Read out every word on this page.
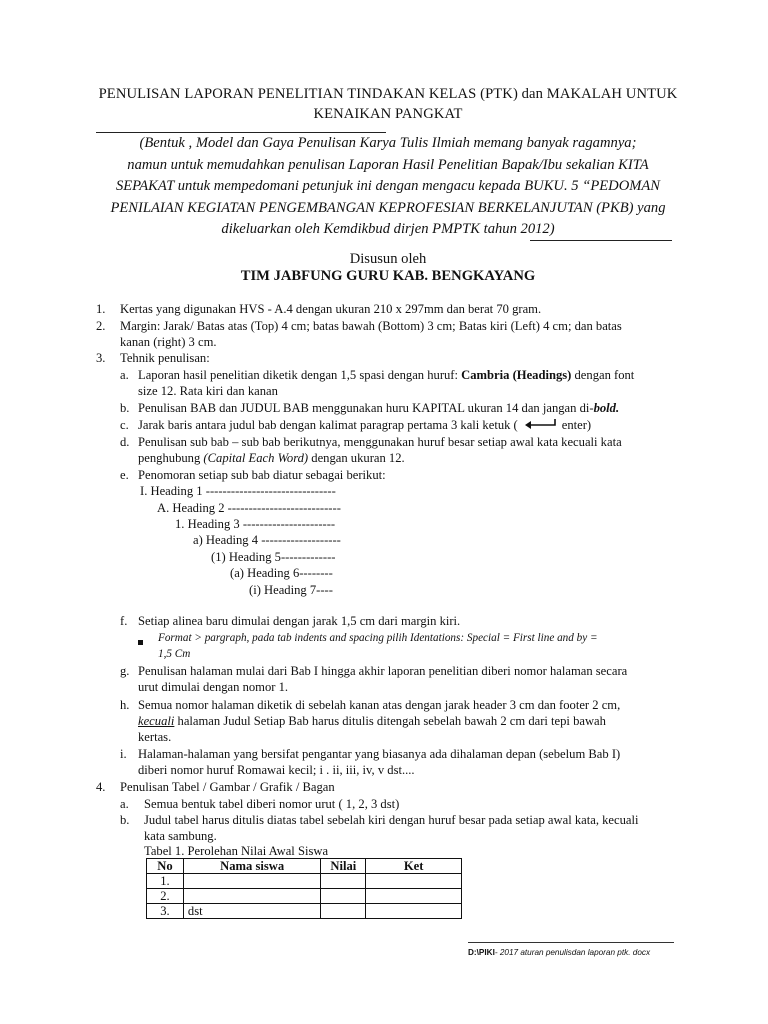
PENULISAN LAPORAN PENELITIAN TINDAKAN KELAS (PTK) dan MAKALAH UNTUK
KENAIKAN PANGKAT
(Bentuk , Model dan Gaya Penulisan Karya Tulis Ilmiah memang banyak ragamnya;
namun untuk memudahkan penulisan Laporan Hasil Penelitian Bapak/Ibu sekalian KITA
SEPAKAT untuk mempedomani petunjuk ini dengan mengacu kepada BUKU. 5 “PEDOMAN
PENILAIAN KEGIATAN PENGEMBANGAN KEPROFESIAN BERKELANJUTAN (PKB) yang
dikeluarkan oleh Kemdikbud dirjen PMPTK tahun 2012)
Disusun oleh
TIM JABFUNG GURU KAB. BENGKAYANG
1. Kertas yang digunakan HVS - A.4 dengan ukuran 210 x 297mm dan berat 70 gram.
2. Margin: Jarak/ Batas atas (Top) 4 cm; batas bawah (Bottom) 3 cm; Batas kiri (Left) 4 cm; dan batas
kanan (right) 3 cm.
3. Tehnik penulisan:
a. Laporan hasil penelitian diketik dengan 1,5 spasi dengan huruf: Cambria (Headings) dengan font
size 12. Rata kiri dan kanan
b. Penulisan BAB dan JUDUL BAB menggunakan huru KAPITAL ukuran 14 dan jangan di-bold.
c. Jarak baris antara judul bab dengan kalimat paragrap pertama 3 kali ketuk (	enter)
d. Penulisan sub bab – sub bab berikutnya, menggunakan huruf besar setiap awal kata kecuali kata
penghubung (Capital Each Word) dengan ukuran 12.
e. Penomoran setiap sub bab diatur sebagai berikut:
I. Heading 1 -------------------------------
A. Heading 2 ---------------------------
1. Heading 3 ----------------------
a) Heading 4 -------------------
(1) Heading 5-------------
(a) Heading 6--------
(i) Heading 7----
f. Setiap alinea baru dimulai dengan jarak 1,5 cm dari margin kiri.
Format > pargraph, pada tab indents and spacing pilih Identations: Special = First line and by =
1,5 Cm
g. Penulisan halaman mulai dari Bab I hingga akhir laporan penelitian diberi nomor halaman secara
urut dimulai dengan nomor 1.
h. Semua nomor halaman diketik di sebelah kanan atas dengan jarak header 3 cm dan footer 2 cm,
kecuali halaman Judul Setiap Bab harus ditulis ditengah sebelah bawah 2 cm dari tepi bawah
kertas.
i. Halaman-halaman yang bersifat pengantar yang biasanya ada dihalaman depan (sebelum Bab I)
diberi nomor huruf Romawai kecil; i . ii, iii, iv, v dst....
4. Penulisan Tabel / Gambar / Grafik / Bagan
a. Semua bentuk tabel diberi nomor urut ( 1, 2, 3 dst)
b. Judul tabel harus ditulis diatas tabel sebelah kiri dengan huruf besar pada setiap awal kata, kecuali
kata sambung.
Tabel 1. Perolehan Nilai Awal Siswa
No	Nama siswa	Nilai	Ket
1.			
2.			
3.	dst		
D:\PIKI- 2017 aturan penulisdan laporan ptk. docx
